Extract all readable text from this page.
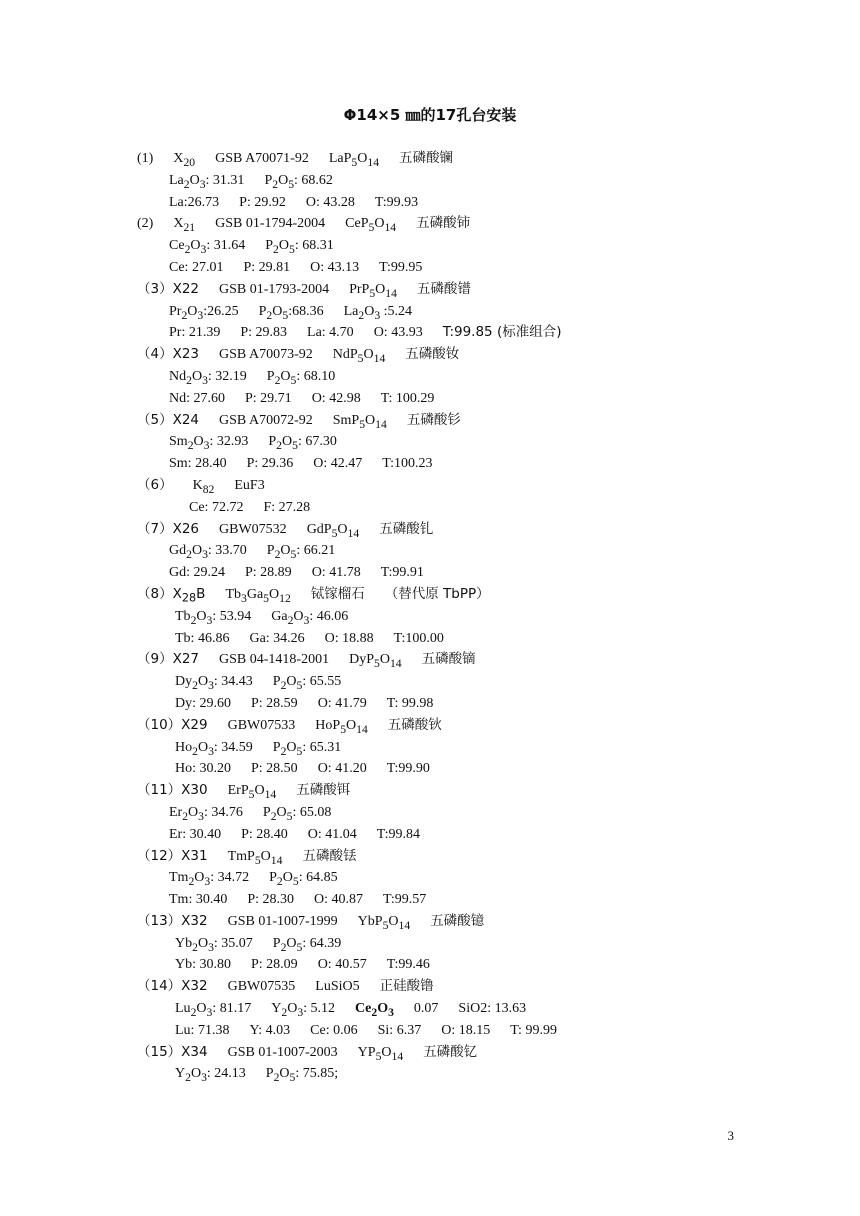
Φ14×5 ㎜的17孔台安装
(1) $X_{20}$ GSB A70071-92 $LaP_5O_{14}$ 五磷酸镧
$La_2O_3$: 31.31 $P_2O_5$: 68.62
La:26.73 P: 29.92 O: 43.28 T:99.93
(2) $X_{21}$ GSB 01-1794-2004 $CeP_5O_{14}$ 五磷酸铈
$Ce_2O_3$: 31.64 $P_2O_5$: 68.31
Ce: 27.01 P: 29.81 O: 43.13 T:99.95
（3）X22 GSB 01-1793-2004 $PrP_5O_{14}$ 五磷酸镨
$Pr_2O_3:26.25$ $P_2O_5:68.36$ $La_2O_3$ :5.24
Pr: 21.39 P: 29.83 La: 4.70 O: 43.93 T:99.85 (标准组合)
（4）X23 GSB A70073-92 $NdP_5O_{14}$ 五磷酸钕
$Nd_2O_3$: 32.19 $P_2O_5$: 68.10
Nd: 27.60 P: 29.71 O: 42.98 T: 100.29
（5）X24 GSB A70072-92 $SmP_5O_{14}$ 五磷酸钐
$Sm_2O_3$: 32.93 $P_2O_5$: 67.30
Sm: 28.40 P: 29.36 O: 42.47 T:100.23
（6） $K_{82}$ EuF3
Ce: 72.72 F: 27.28
（7）X26 GBW07532 $GdP_5O_{14}$ 五磷酸钆
$Gd_2O_3$: 33.70 $P_2O_5$: 66.21
Gd: 29.24 P: 28.89 O: 41.78 T:99.91
$(8)X_{28}B$ $Tb_3Ga_5O_{12}$ 铽镓榴石 （替代原 TbPP）
$Tb_2O_3$: 53.94 $Ga_2O_3$: 46.06
Tb: 46.86 Ga: 34.26 O: 18.88 T:100.00
（9）X27 GSB 04-1418-2001 $DyP_5O_{14}$ 五磷酸镝
$Dy_2O_3$: 34.43 $P_2O_5$: 65.55
Dy: 29.60 P: 28.59 O: 41.79 T: 99.98
（10）X29 GBW07533 $HoP_5O_{14}$ 五磷酸钬
$Ho_2O_3$: 34.59 $P_2O_5$: 65.31
Ho: 30.20 P: 28.50 O: 41.20 T:99.90
（11）X30 $ErP_5O_{14}$ 五磷酸铒
$Er_2O_3$: 34.76 $P_2O_5$: 65.08
Er: 30.40 P: 28.40 O: 41.04 T:99.84
（12）X31 $TmP_5O_{14}$ 五磷酸铥
$Tm_2O_3$: 34.72 $P_2O_5$: 64.85
Tm: 30.40 P: 28.30 O: 40.87 T:99.57
（13）X32 GSB 01-1007-1999 $YbP_5O_{14}$ 五磷酸镱
$Yb_2O_3$: 35.07 $P_2O_5$: 64.39
Yb: 30.80 P: 28.09 O: 40.57 T:99.46
（14）X32 GBW07535 LuSiO5 正硅酸镥
$Lu_2O_3$: 81.17 $Y_2O_3$: 5.12 $Ce_2O_3$ 0.07 SiO2: 13.63
Lu: 71.38 Y: 4.03 Ce: 0.06 Si: 6.37 O: 18.15 T: 99.99
（15）X34 GSB 01-1007-2003 $YP_5O_{14}$ 五磷酸钇
$Y_2O_3$: 24.13 $P_2O_5$: 75.85;
3
